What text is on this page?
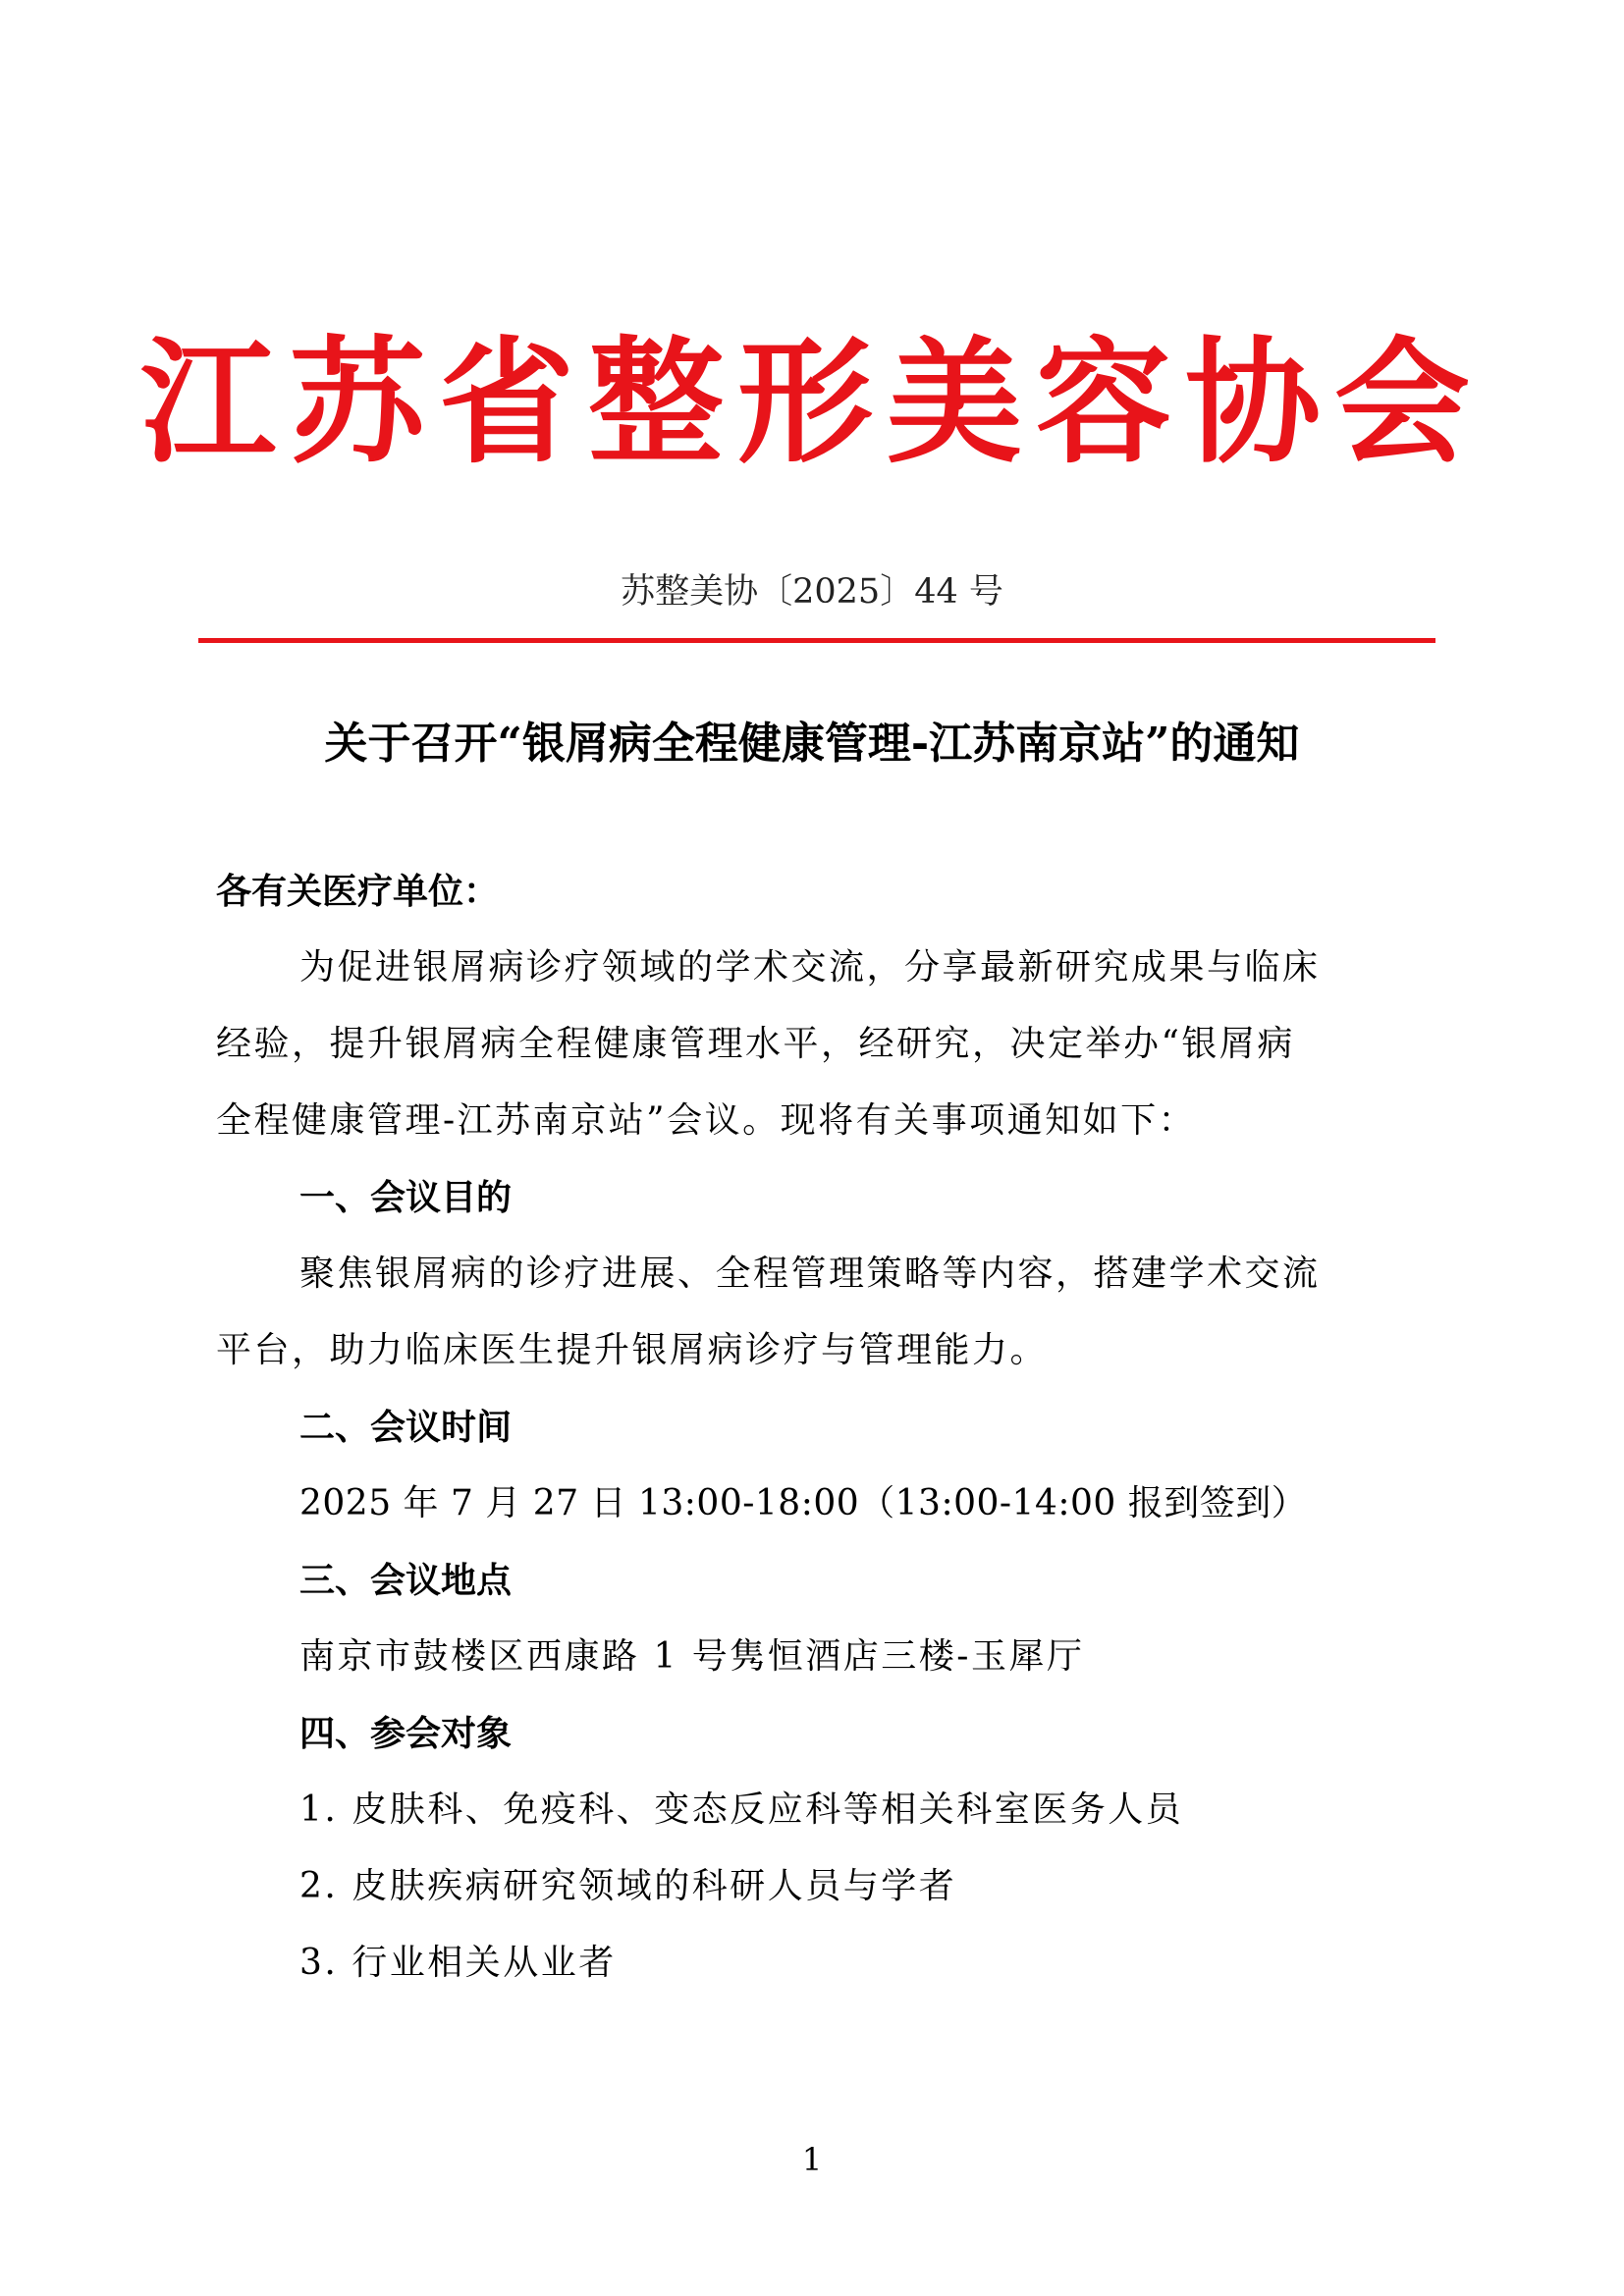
江苏省整形美容协会
苏整美协〔2025〕44 号
关于召开“银屑病全程健康管理-江苏南京站”的通知
各有关医疗单位：
为促进银屑病诊疗领域的学术交流，分享最新研究成果与临床
经验，提升银屑病全程健康管理水平，经研究，决定举办“银屑病
全程健康管理-江苏南京站”会议。现将有关事项通知如下：
一、会议目的
聚焦银屑病的诊疗进展、全程管理策略等内容，搭建学术交流
平台，助力临床医生提升银屑病诊疗与管理能力。
二、会议时间
2025 年 7 月 27 日 13:00-18:00（13:00-14:00 报到签到）
三、会议地点
南京市鼓楼区西康路 1 号隽恒酒店三楼-玉犀厅
四、参会对象
1. 皮肤科、免疫科、变态反应科等相关科室医务人员
2. 皮肤疾病研究领域的科研人员与学者
3. 行业相关从业者
1
